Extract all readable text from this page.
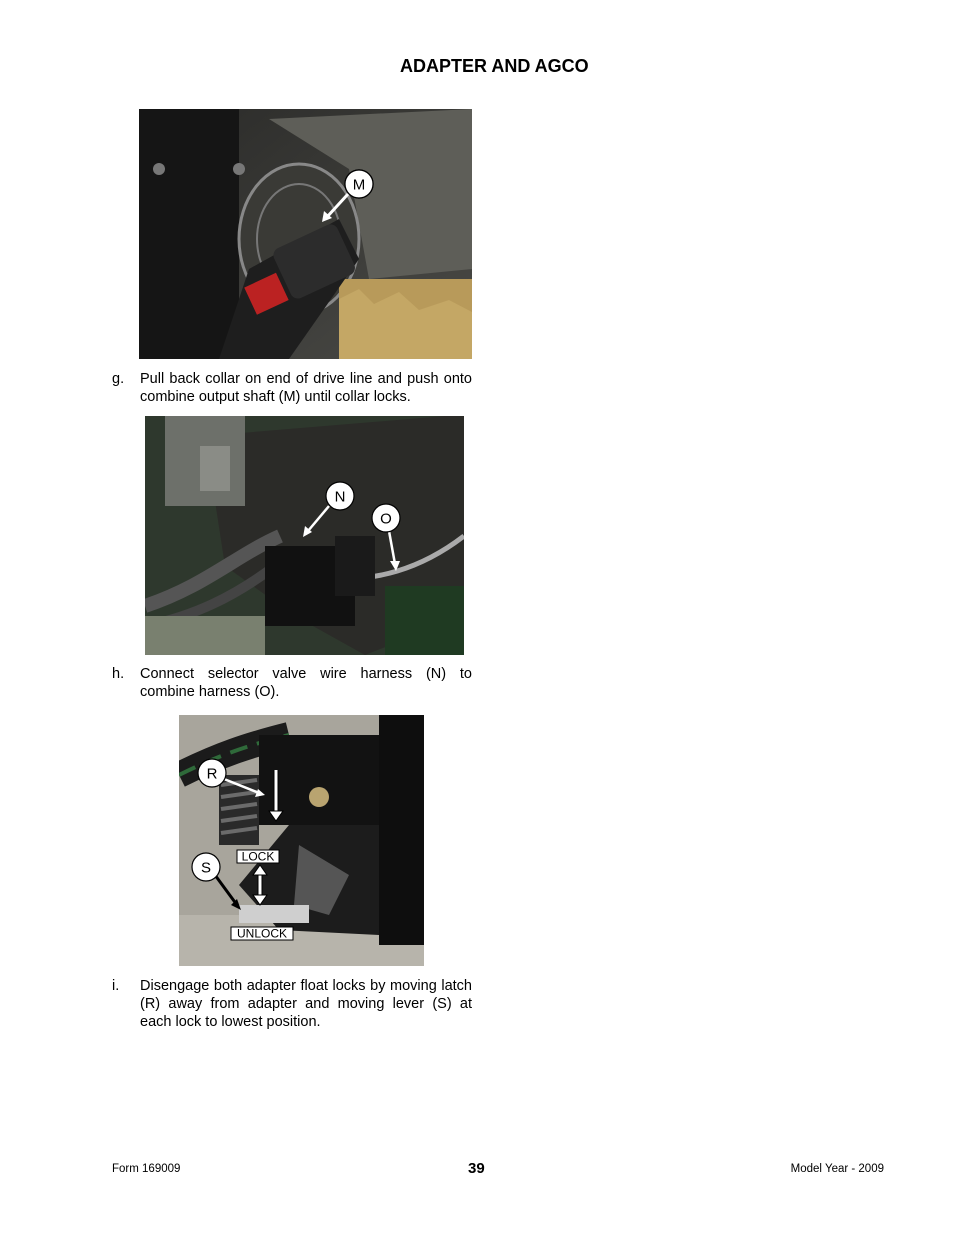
ADAPTER AND AGCO
M
g. Pull back collar on end of drive line and push onto combine output shaft (M) until collar locks.
N
O
h. Connect selector valve wire harness (N) to combine harness (O).
R
S
LOCK
UNLOCK
i. Disengage both adapter float locks by moving latch (R) away from adapter and moving lever (S) at each lock to lowest position.
Form 169009	39	Model Year - 2009
